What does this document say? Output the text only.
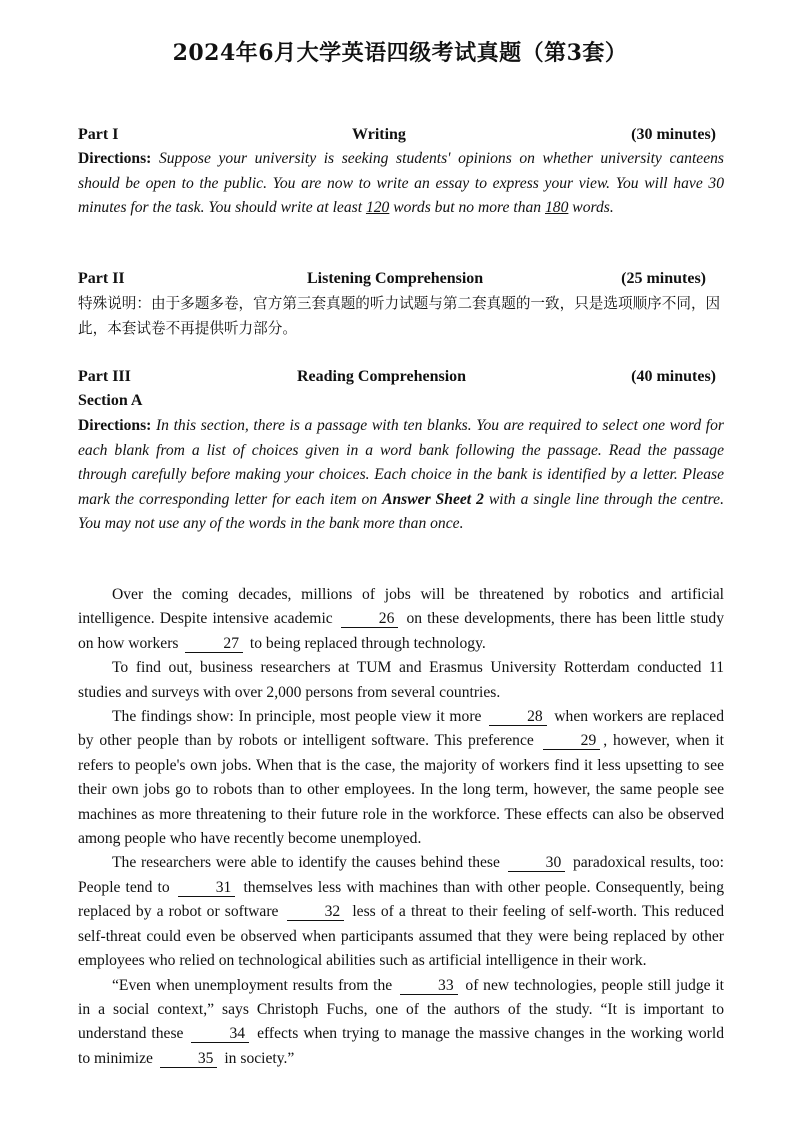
2024年6月大学英语四级考试真题（第3套）
Part I	Writing	(30 minutes)
Directions: Suppose your university is seeking students' opinions on whether university canteens should be open to the public. You are now to write an essay to express your view. You will have 30 minutes for the task. You should write at least 120 words but no more than 180 words.
Part II	Listening Comprehension	(25 minutes)
特殊说明：由于多题多卷，官方第三套真题的听力试题与第二套真题的一致，只是选项顺序不同，因此，本套试卷不再提供听力部分。
Part III	Reading Comprehension	(40 minutes)
Section A
Directions: In this section, there is a passage with ten blanks. You are required to select one word for each blank from a list of choices given in a word bank following the passage. Read the passage through carefully before making your choices. Each choice in the bank is identified by a letter. Please mark the corresponding letter for each item on Answer Sheet 2 with a single line through the centre. You may not use any of the words in the bank more than once.

Over the coming decades, millions of jobs will be threatened by robotics and artificial intelligence. Despite intensive academic	26 on these developments, there has been little study on how workers	27 to being replaced through technology.

To find out, business researchers at TUM and Erasmus University Rotterdam conducted 11 studies and surveys with over 2,000 persons from several countries.

The findings show: In principle, most people view it more	28 when workers are replaced by other people than by robots or intelligent software. This preference	29 , however, when it refers to people's own jobs. When that is the case, the majority of workers find it less upsetting to see their own jobs go to robots than to other employees. In the long term, however, the same people see machines as more threatening to their future role in the workforce. These effects can also be observed among people who have recently become unemployed.

The researchers were able to identify the causes behind these	30 paradoxical results, too: People tend to	31 themselves less with machines than with other people. Consequently, being replaced by a robot or software	32 less of a threat to their feeling of self-worth. This reduced self-threat could even be observed when participants assumed that they were being replaced by other employees who relied on technological abilities such as artificial intelligence in their work.

“Even when unemployment results from the	33 of new technologies, people still judge it in a social context,” says Christoph Fuchs, one of the authors of the study. “It is important to understand these	34 effects when trying to manage the massive changes in the working world to minimize	35 in society.”
